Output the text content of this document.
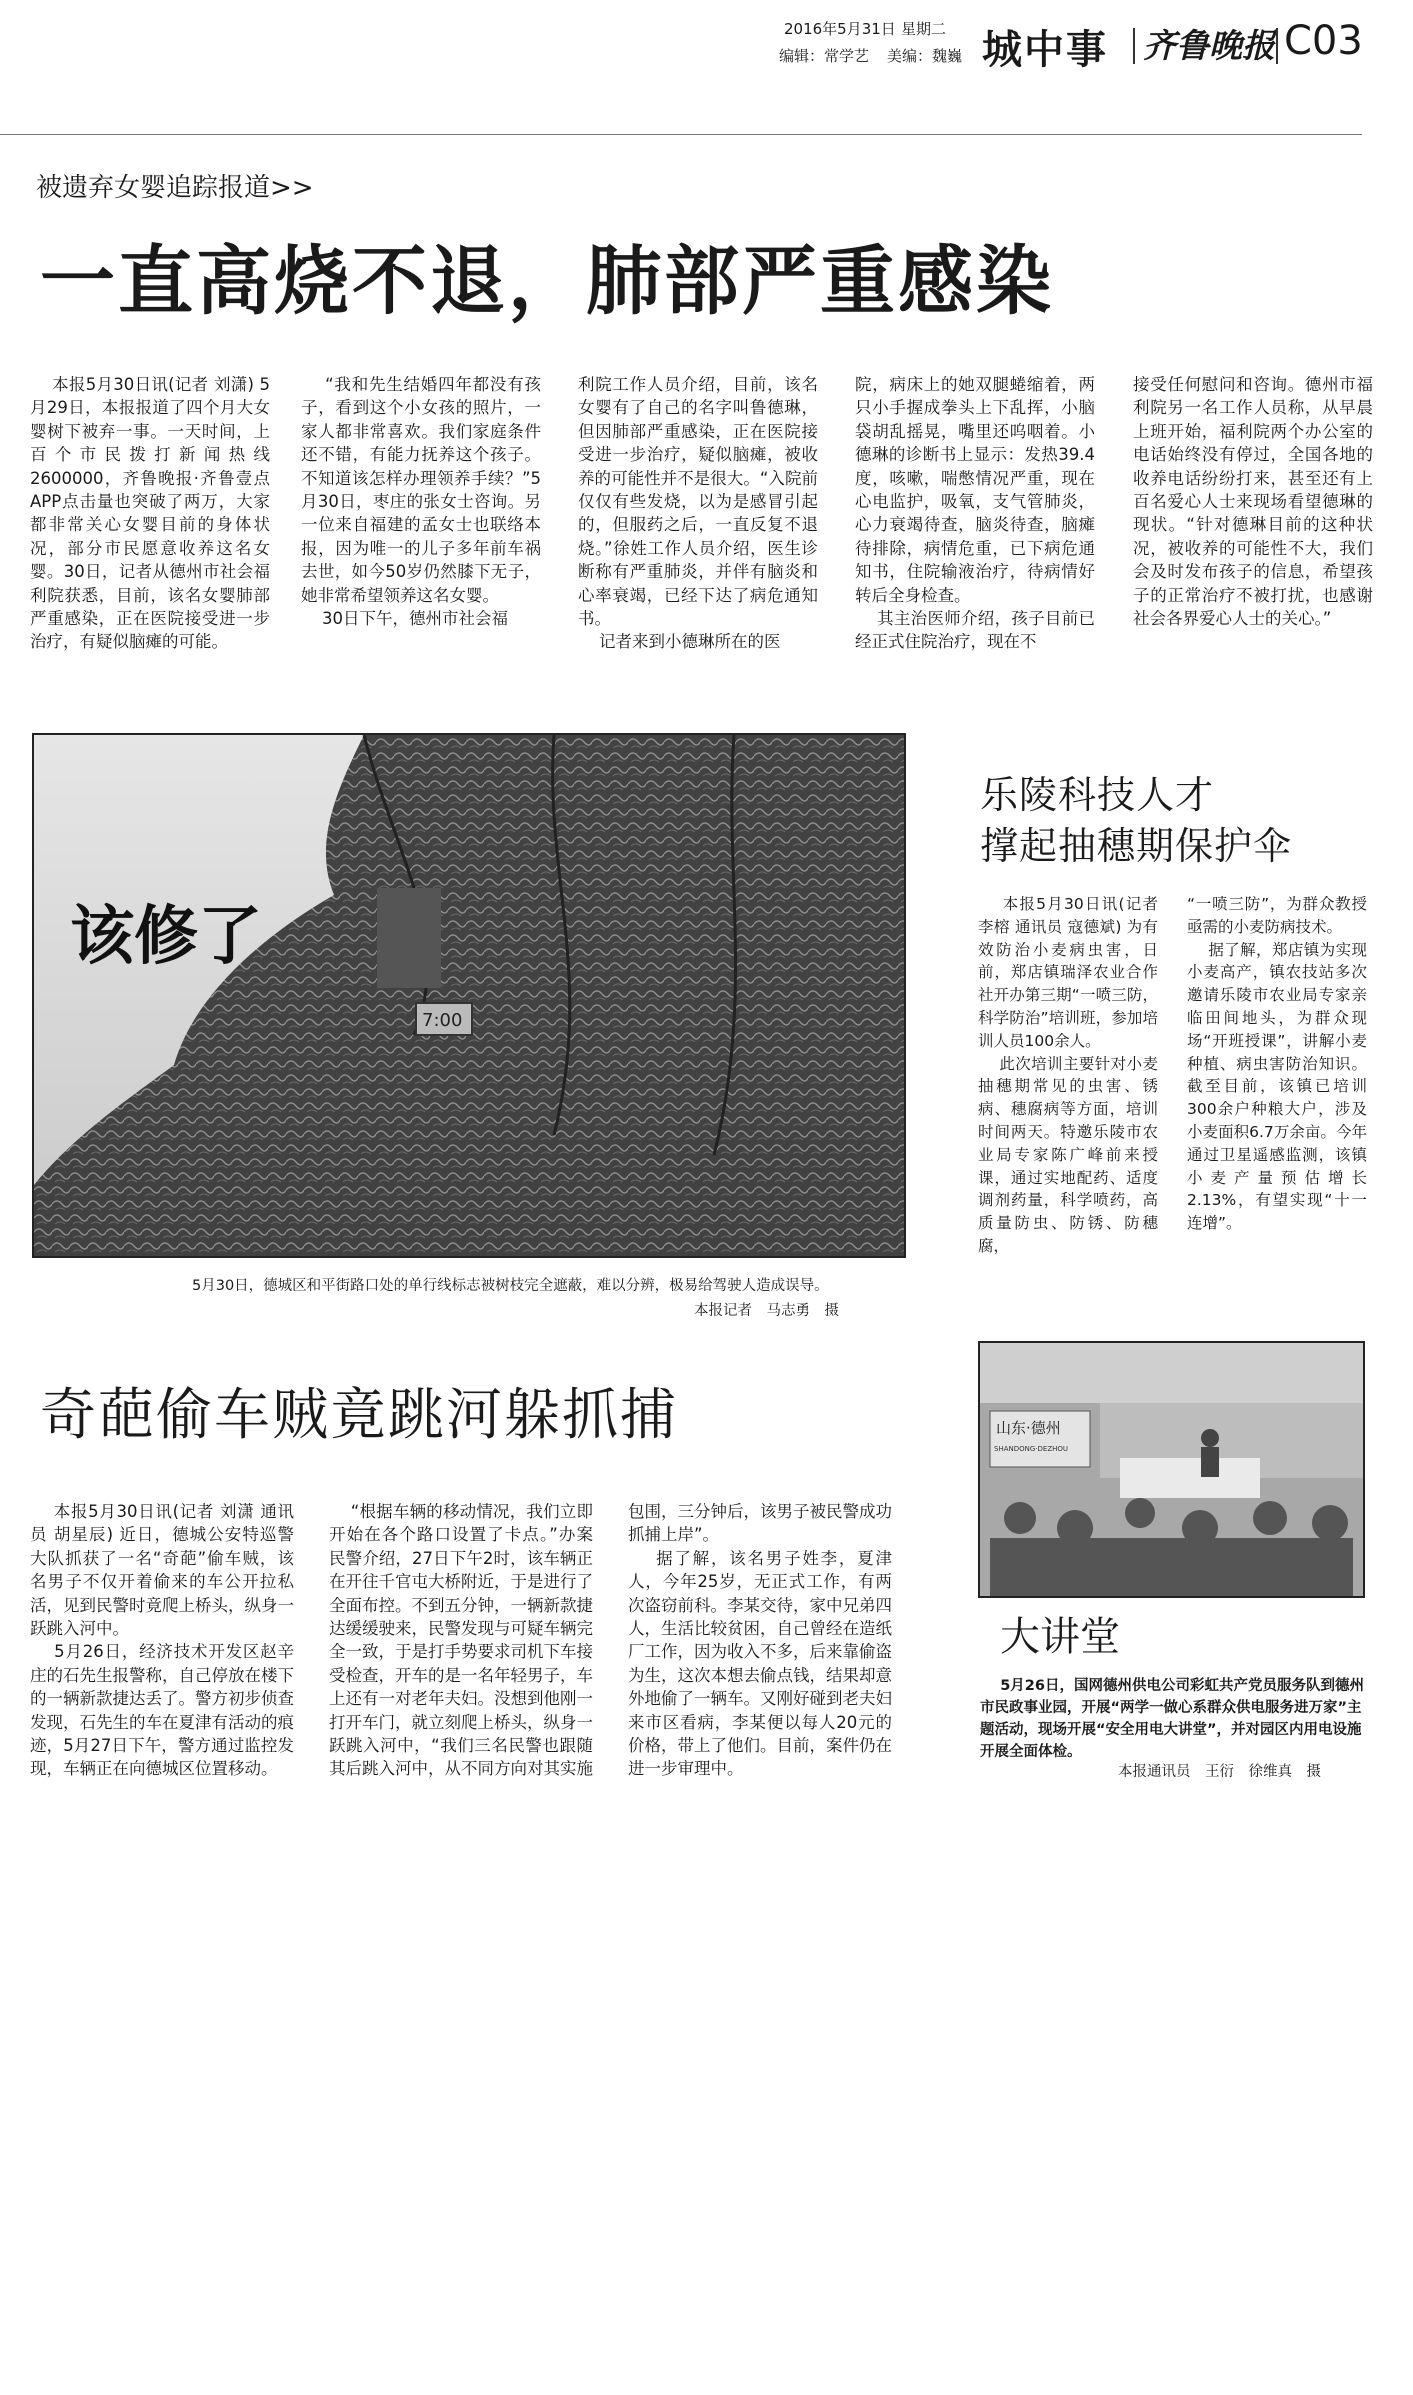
2016年5月31日 星期二
编辑：常学艺 美编：魏巍 城中事 齐鲁晚报 C03
被遗弃女婴追踪报道>>
一直高烧不退，肺部严重感染
本报5月30日讯(记者 刘潇) 5月29日，本报报道了四个月大女婴树下被弃一事。一天时间，上百个市民拨打新闻热线2600000，齐鲁晚报·齐鲁壹点APP点击量也突破了两万，大家都非常关心女婴目前的身体状况，部分市民愿意收养这名女婴。30日，记者从德州市社会福利院获悉，目前，该名女婴肺部严重感染，正在医院接受进一步治疗，有疑似脑瘫的可能。
“我和先生结婚四年都没有孩子，看到这个小女孩的照片，一家人都非常喜欢。我们家庭条件还不错，有能力抚养这个孩子。不知道该怎样办理领养手续？”5月30日，枣庄的张女士咨询。另一位来自福建的孟女士也联络本报，因为唯一的儿子多年前车祸去世，如今50岁仍然膝下无子，她非常希望领养这名女婴。
30日下午，德州市社会福
利院工作人员介绍，目前，该名女婴有了自己的名字叫鲁德琳，但因肺部严重感染，正在医院接受进一步治疗，疑似脑瘫，被收养的可能性并不是很大。“入院前仅仅有些发烧，以为是感冒引起的，但服药之后，一直反复不退烧。”徐姓工作人员介绍，医生诊断称有严重肺炎，并伴有脑炎和心率衰竭，已经下达了病危通知书。
记者来到小德琳所在的医
院，病床上的她双腿蜷缩着，两只小手握成拳头上下乱挥，小脑袋胡乱摇晃，嘴里还呜咽着。小德琳的诊断书上显示：发热39.4度，咳嗽，喘憋情况严重，现在心电监护，吸氧，支气管肺炎，心力衰竭待查，脑炎待查，脑瘫待排除，病情危重，已下病危通知书，住院输液治疗，待病情好转后全身检查。
其主治医师介绍，孩子目前已经正式住院治疗，现在不
接受任何慰问和咨询。德州市福利院另一名工作人员称，从早晨上班开始，福利院两个办公室的电话始终没有停过，全国各地的收养电话纷纷打来，甚至还有上百名爱心人士来现场看望德琳的现状。“针对德琳目前的这种状况，被收养的可能性不大，我们会及时发布孩子的信息，希望孩子的正常治疗不被打扰，也感谢社会各界爱心人士的关心。”
7:00
该修了
5月30日，德城区和平街路口处的单行线标志被树枝完全遮蔽，难以分辨，极易给驾驶人造成误导。
本报记者　马志勇　摄
乐陵科技人才
撑起抽穗期保护伞
本报5月30日讯(记者 李榕 通讯员 寇德斌) 为有效防治小麦病虫害，日前，郑店镇瑞泽农业合作社开办第三期“一喷三防，科学防治”培训班，参加培训人员100余人。
此次培训主要针对小麦抽穗期常见的虫害、锈病、穗腐病等方面，培训时间两天。特邀乐陵市农业局专家陈广峰前来授课，通过实地配药、适度调剂药量，科学喷药，高质量防虫、防锈、防穗腐，
“一喷三防”，为群众教授亟需的小麦防病技术。
据了解，郑店镇为实现小麦高产，镇农技站多次邀请乐陵市农业局专家亲临田间地头，为群众现场“开班授课”，讲解小麦种植、病虫害防治知识。截至目前，该镇已培训300余户种粮大户，涉及小麦面积6.7万余亩。今年通过卫星遥感监测，该镇小麦产量预估增长2.13%，有望实现“十一连增”。
奇葩偷车贼竟跳河躲抓捕
本报5月30日讯(记者 刘潇 通讯员 胡星辰) 近日，德城公安特巡警大队抓获了一名“奇葩”偷车贼，该名男子不仅开着偷来的车公开拉私活，见到民警时竟爬上桥头，纵身一跃跳入河中。
5月26日，经济技术开发区赵辛庄的石先生报警称，自己停放在楼下的一辆新款捷达丢了。警方初步侦查发现，石先生的车在夏津有活动的痕迹，5月27日下午，警方通过监控发现，车辆正在向德城区位置移动。
“根据车辆的移动情况，我们立即开始在各个路口设置了卡点。”办案民警介绍，27日下午2时，该车辆正在开往千官屯大桥附近，于是进行了全面布控。不到五分钟，一辆新款捷达缓缓驶来，民警发现与可疑车辆完全一致，于是打手势要求司机下车接受检查，开车的是一名年轻男子，车上还有一对老年夫妇。没想到他刚一打开车门，就立刻爬上桥头，纵身一跃跳入河中，“我们三名民警也跟随其后跳入河中，从不同方向对其实施
包围，三分钟后，该男子被民警成功抓捕上岸”。
据了解，该名男子姓李，夏津人，今年25岁，无正式工作，有两次盗窃前科。李某交待，家中兄弟四人，生活比较贫困，自己曾经在造纸厂工作，因为收入不多，后来靠偷盗为生，这次本想去偷点钱，结果却意外地偷了一辆车。又刚好碰到老夫妇来市区看病，李某便以每人20元的价格，带上了他们。目前，案件仍在进一步审理中。
山东·德州
SHANDONG·DEZHOU
大讲堂
5月26日，国网德州供电公司彩虹共产党员服务队到德州市民政事业园，开展“两学一做心系群众供电服务进万家”主题活动，现场开展“安全用电大讲堂”，并对园区内用电设施开展全面体检。
本报通讯员　王衍　徐维真　摄
